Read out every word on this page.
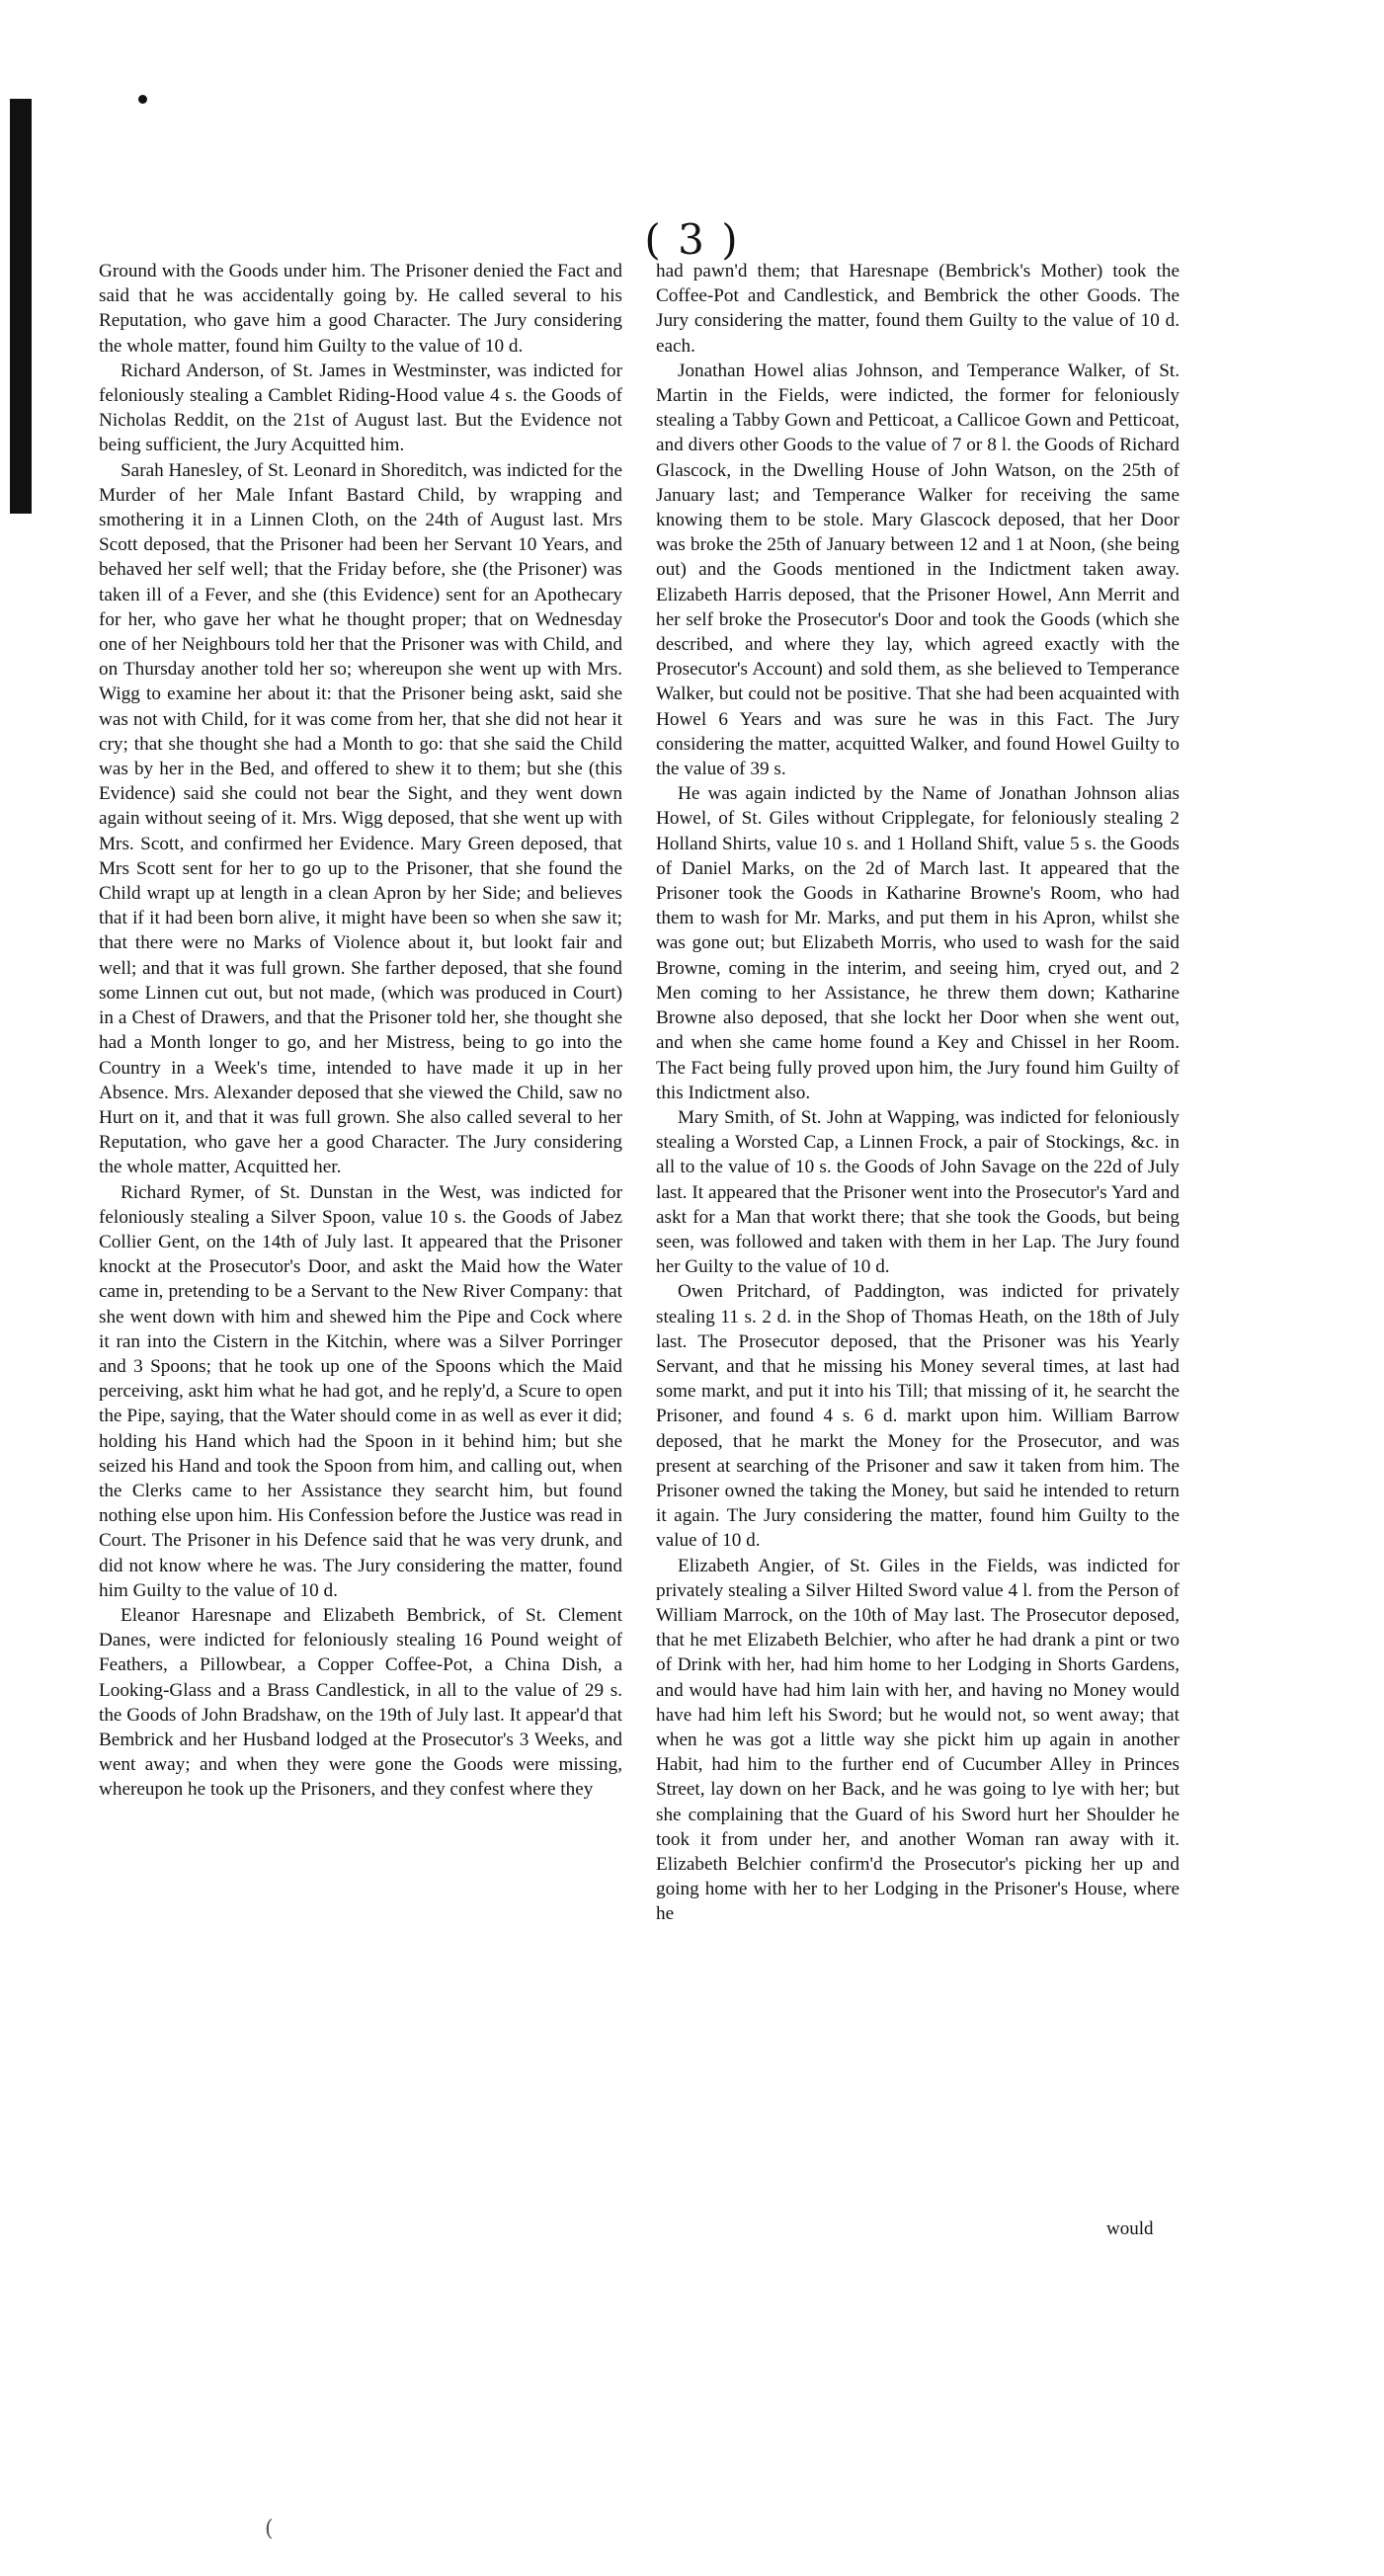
( 3 )

Ground with the Goods under him. The Prisoner denied the Fact and said that he was accidentally going by. He called several to his Reputation, who gave him a good Character. The Jury considering the whole matter, found him Guilty to the value of 10 d.

Richard Anderson, of St. James in Westminster, was indicted for feloniously stealing a Camblet Riding-Hood value 4 s. the Goods of Nicholas Reddit, on the 21st of August last. But the Evidence not being sufficient, the Jury Acquitted him.

Sarah Hanesley, of St. Leonard in Shoreditch, was indicted for the Murder of her Male Infant Bastard Child, by wrapping and smothering it in a Linnen Cloth, on the 24th of August last. Mrs Scott deposed, that the Prisoner had been her Servant 10 Years, and behaved her self well; that the Friday before, she (the Prisoner) was taken ill of a Fever, and she (this Evidence) sent for an Apothecary for her, who gave her what he thought proper; that on Wednesday one of her Neighbours told her that the Prisoner was with Child, and on Thursday another told her so; whereupon she went up with Mrs. Wigg to examine her about it: that the Prisoner being askt, said she was not with Child, for it was come from her, that she did not hear it cry; that she thought she had a Month to go: that she said the Child was by her in the Bed, and offered to shew it to them; but she (this Evidence) said she could not bear the Sight, and they went down again without seeing of it. Mrs. Wigg deposed, that she went up with Mrs. Scott, and confirmed her Evidence. Mary Green deposed, that Mrs Scott sent for her to go up to the Prisoner, that she found the Child wrapt up at length in a clean Apron by her Side; and believes that if it had been born alive, it might have been so when she saw it; that there were no Marks of Violence about it, but lookt fair and well; and that it was full grown. She farther deposed, that she found some Linnen cut out, but not made, (which was produced in Court) in a Chest of Drawers, and that the Prisoner told her, she thought she had a Month longer to go, and her Mistress, being to go into the Country in a Week's time, intended to have made it up in her Absence. Mrs. Alexander deposed that she viewed the Child, saw no Hurt on it, and that it was full grown. She also called several to her Reputation, who gave her a good Character. The Jury considering the whole matter, Acquitted her.

Richard Rymer, of St. Dunstan in the West, was indicted for feloniously stealing a Silver Spoon, value 10 s. the Goods of Jabez Collier Gent, on the 14th of July last. It appeared that the Prisoner knockt at the Prosecutor's Door, and askt the Maid how the Water came in, pretending to be a Servant to the New River Company: that she went down with him and shewed him the Pipe and Cock where it ran into the Cistern in the Kitchin, where was a Silver Porringer and 3 Spoons; that he took up one of the Spoons which the Maid perceiving, askt him what he had got, and he reply'd, a Scure to open the Pipe, saying, that the Water should come in as well as ever it did; holding his Hand which had the Spoon in it behind him; but she seized his Hand and took the Spoon from him, and calling out, when the Clerks came to her Assistance they searcht him, but found nothing else upon him. His Confession before the Justice was read in Court. The Prisoner in his Defence said that he was very drunk, and did not know where he was. The Jury considering the matter, found him Guilty to the value of 10 d.

Eleanor Haresnape and Elizabeth Bembrick, of St. Clement Danes, were indicted for feloniously stealing 16 Pound weight of Feathers, a Pillowbear, a Copper Coffee-Pot, a China Dish, a Looking-Glass and a Brass Candlestick, in all to the value of 29 s. the Goods of John Bradshaw, on the 19th of July last. It appear'd that Bembrick and her Husband lodged at the Prosecutor's 3 Weeks, and went away; and when they were gone the Goods were missing, whereupon he took up the Prisoners, and they confest where they

had pawn'd them; that Haresnape (Bembrick's Mother) took the Coffee-Pot and Candlestick, and Bembrick the other Goods. The Jury considering the matter, found them Guilty to the value of 10 d. each.

Jonathan Howel alias Johnson, and Temperance Walker, of St. Martin in the Fields, were indicted, the former for feloniously stealing a Tabby Gown and Petticoat, a Callicoe Gown and Petticoat, and divers other Goods to the value of 7 or 8 l. the Goods of Richard Glascock, in the Dwelling House of John Watson, on the 25th of January last; and Temperance Walker for receiving the same knowing them to be stole. Mary Glascock deposed, that her Door was broke the 25th of January between 12 and 1 at Noon, (she being out) and the Goods mentioned in the Indictment taken away. Elizabeth Harris deposed, that the Prisoner Howel, Ann Merrit and her self broke the Prosecutor's Door and took the Goods (which she described, and where they lay, which agreed exactly with the Prosecutor's Account) and sold them, as she believed to Temperance Walker, but could not be positive. That she had been acquainted with Howel 6 Years and was sure he was in this Fact. The Jury considering the matter, acquitted Walker, and found Howel Guilty to the value of 39 s.

He was again indicted by the Name of Jonathan Johnson alias Howel, of St. Giles without Cripplegate, for feloniously stealing 2 Holland Shirts, value 10 s. and 1 Holland Shift, value 5 s. the Goods of Daniel Marks, on the 2d of March last. It appeared that the Prisoner took the Goods in Katharine Browne's Room, who had them to wash for Mr. Marks, and put them in his Apron, whilst she was gone out; but Elizabeth Morris, who used to wash for the said Browne, coming in the interim, and seeing him, cryed out, and 2 Men coming to her Assistance, he threw them down; Katharine Browne also deposed, that she lockt her Door when she went out, and when she came home found a Key and Chissel in her Room. The Fact being fully proved upon him, the Jury found him Guilty of this Indictment also.

Mary Smith, of St. John at Wapping, was indicted for feloniously stealing a Worsted Cap, a Linnen Frock, a pair of Stockings, &c. in all to the value of 10 s. the Goods of John Savage on the 22d of July last. It appeared that the Prisoner went into the Prosecutor's Yard and askt for a Man that workt there; that she took the Goods, but being seen, was followed and taken with them in her Lap. The Jury found her Guilty to the value of 10 d.

Owen Pritchard, of Paddington, was indicted for privately stealing 11 s. 2 d. in the Shop of Thomas Heath, on the 18th of July last. The Prosecutor deposed, that the Prisoner was his Yearly Servant, and that he missing his Money several times, at last had some markt, and put it into his Till; that missing of it, he searcht the Prisoner, and found 4 s. 6 d. markt upon him. William Barrow deposed, that he markt the Money for the Prosecutor, and was present at searching of the Prisoner and saw it taken from him. The Prisoner owned the taking the Money, but said he intended to return it again. The Jury considering the matter, found him Guilty to the value of 10 d.

Elizabeth Angier, of St. Giles in the Fields, was indicted for privately stealing a Silver Hilted Sword value 4 l. from the Person of William Marrock, on the 10th of May last. The Prosecutor deposed, that he met Elizabeth Belchier, who after he had drank a pint or two of Drink with her, had him home to her Lodging in Shorts Gardens, and would have had him lain with her, and having no Money would have had him left his Sword; but he would not, so went away; that when he was got a little way she pickt him up again in another Habit, had him to the further end of Cucumber Alley in Princes Street, lay down on her Back, and he was going to lye with her; but she complaining that the Guard of his Sword hurt her Shoulder he took it from under her, and another Woman ran away with it. Elizabeth Belchier confirm'd the Prosecutor's picking her up and going home with her to her Lodging in the Prisoner's House, where he

would
(
